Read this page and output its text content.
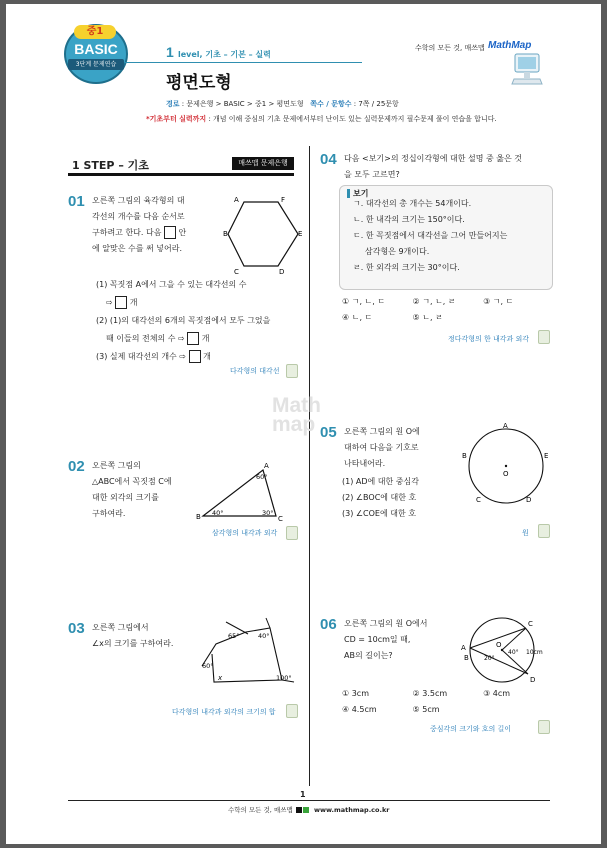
중1
BASIC
3단계 문제연습
1 level, 기초 – 기본 – 실력
평면도형
수학의 모든 것, 매쓰맵 MathMap
경로 : 문제은행 > BASIC > 중1 > 평면도형 쪽수 / 문항수 : 7쪽 / 25문항
*기초부터 실력까지 : 개념 이해 중심의 기초 문제에서부터 난이도 있는 실력문제까지 필수문제 풀이 연습을 합니다.
1 STEP – 기초	매쓰맵 문제은행
Math
map
01 오른쪽 그림의 육각형의 대
각선의 개수를 다음 순서로
구하려고 한다. 다음 안
에 알맞은 수를 써 넣어라.
A	F
B	E
C	D
(1) 꼭짓점 A에서 그을 수 있는 대각선의 수
⇨ 개
(2) (1)의 대각선의 6개의 꼭짓점에서 모두 그었을
때 이들의 전체의 수 ⇨ 개
(3) 실제 대각선의 개수 ⇨ 개
다각형의 대각선
02 오른쪽 그림의
△ABC에서 꼭짓점 C에
대한 외각의 크기를
구하여라.
A
B	C
60°
40°	30°
삼각형의 내각과 외각
03 오른쪽 그림에서
∠x의 크기를 구하여라.
65°	40°
60°
x	100°
다각형의 내각과 외각의 크기의 합
04 다음 <보기>의 정십이각형에 대한 설명 중 옳은 것
을 모두 고르면?
보기
ㄱ. 대각선의 총 개수는 54개이다.
ㄴ. 한 내각의 크기는 150°이다.
ㄷ. 한 꼭짓점에서 대각선을 그어 만들어지는
삼각형은 9개이다.
ㄹ. 한 외각의 크기는 30°이다.
① ㄱ, ㄴ, ㄷ	② ㄱ, ㄴ, ㄹ	③ ㄱ, ㄷ
④ ㄴ, ㄷ	⑤ ㄴ, ㄹ
정다각형의 한 내각과 외각
05 오른쪽 그림의 원 O에
대하여 다음을 기호로
나타내어라.
(1) AD에 대한 중심각
(2) ∠BOC에 대한 호
(3) ∠COE에 대한 호
A
B	E
O
C	D
원
06 오른쪽 그림의 원 O에서
CD = 10cm일 때,
AB의 길이는?
A
B
O
C
D
20°
40° 10cm
① 3cm	② 3.5cm	③ 4cm
④ 4.5cm	⑤ 5cm
중심각의 크기와 호의 길이
1
수학의 모든 것, 매쓰맵	www.mathmap.co.kr
